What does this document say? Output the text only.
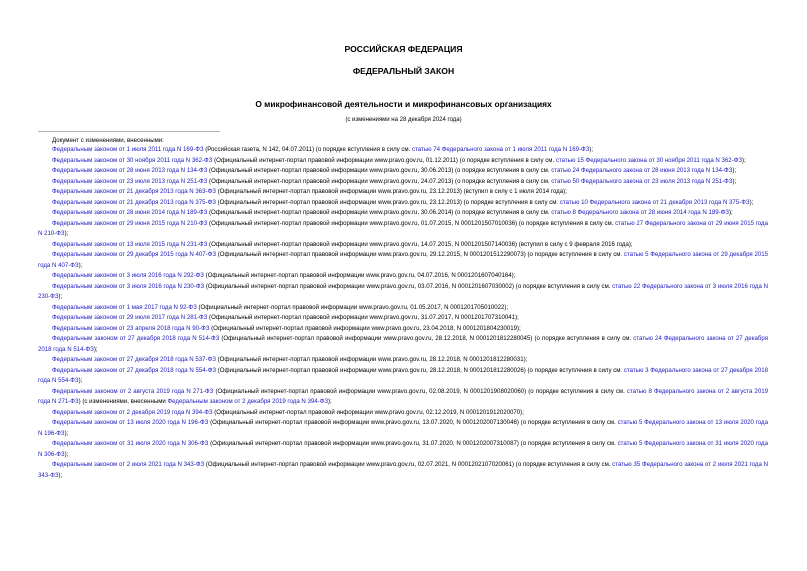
РОССИЙСКАЯ ФЕДЕРАЦИЯ
ФЕДЕРАЛЬНЫЙ ЗАКОН
О микрофинансовой деятельности и микрофинансовых организациях
(с изменениями на 28 декабря 2024 года)
Документ с изменениями, внесенными:

Федеральным законом от 1 июля 2011 года N 169-ФЗ (Российская газета, N 142, 04.07.2011) (о порядке вступления в силу см. статью 74 Федерального закона от 1 июля 2011 года N 169-ФЗ);

Федеральным законом от 30 ноября 2011 года N 362-ФЗ (Официальный интернет-портал правовой информации www.pravo.gov.ru, 01.12.2011) (о порядке вступления в силу см. статью 15 Федерального закона от 30 ноября 2011 года N 362-ФЗ);

Федеральным законом от 28 июня 2013 года N 134-ФЗ (Официальный интернет-портал правовой информации www.pravo.gov.ru, 30.06.2013) (о порядке вступления в силу см. статью 24 Федерального закона от 28 июня 2013 года N 134-ФЗ);

Федеральным законом от 23 июля 2013 года N 251-ФЗ (Официальный интернет-портал правовой информации www.pravo.gov.ru, 24.07.2013) (о порядке вступления в силу см. статью 50 Федерального закона от 23 июля 2013 года N 251-ФЗ);

Федеральным законом от 21 декабря 2013 года N 363-ФЗ (Официальный интернет-портал правовой информации www.pravo.gov.ru, 23.12.2013) (вступил в силу с 1 июля 2014 года);

Федеральным законом от 21 декабря 2013 года N 375-ФЗ (Официальный интернет-портал правовой информации www.pravo.gov.ru, 23.12.2013) (о порядке вступления в силу см. статью 10 Федерального закона от 21 декабря 2013 года N 375-ФЗ);

Федеральным законом от 28 июня 2014 года N 189-ФЗ (Официальный интернет-портал правовой информации www.pravo.gov.ru, 30.06.2014) (о порядке вступления в силу см. статью 8 Федерального закона от 28 июня 2014 года N 189-ФЗ);

Федеральным законом от 29 июня 2015 года N 210-ФЗ (Официальный интернет-портал правовой информации www.pravo.gov.ru, 01.07.2015, N 0001201507010036) (о порядке вступления в силу см. статью 27 Федерального закона от 29 июня 2015 года N 210-ФЗ);

Федеральным законом от 13 июля 2015 года N 231-ФЗ (Официальный интернет-портал правовой информации www.pravo.gov.ru, 14.07.2015, N 0001201507140036) (вступил в силу с 9 февраля 2016 года);

Федеральным законом от 29 декабря 2015 года N 407-ФЗ (Официальный интернет-портал правовой информации www.pravo.gov.ru, 29.12.2015, N 0001201512290073) (о порядке вступления в силу см. статью 5 Федерального закона от 29 декабря 2015 года N 407-ФЗ);

Федеральным законом от 3 июля 2016 года N 292-ФЗ (Официальный интернет-портал правовой информации www.pravo.gov.ru, 04.07.2016, N 0001201607040164);

Федеральным законом от 3 июля 2016 года N 230-ФЗ (Официальный интернет-портал правовой информации www.pravo.gov.ru, 03.07.2016, N 0001201607030002) (о порядке вступления в силу см. статью 22 Федерального закона от 3 июля 2016 года N 230-ФЗ);

Федеральным законом от 1 мая 2017 года N 92-ФЗ (Официальный интернет-портал правовой информации www.pravo.gov.ru, 01.05.2017, N 0001201705010022);

Федеральным законом от 29 июля 2017 года N 281-ФЗ (Официальный интернет-портал правовой информации www.pravo.gov.ru, 31.07.2017, N 0001201707310041);

Федеральным законом от 23 апреля 2018 года N 90-ФЗ (Официальный интернет-портал правовой информации www.pravo.gov.ru, 23.04.2018, N 0001201804230019);

Федеральным законом от 27 декабря 2018 года N 514-ФЗ (Официальный интернет-портал правовой информации www.pravo.gov.ru, 28.12.2018, N 0001201812280045) (о порядке вступления в силу см. статью 24 Федерального закона от 27 декабря 2018 года N 514-ФЗ);

Федеральным законом от 27 декабря 2018 года N 537-ФЗ (Официальный интернет-портал правовой информации www.pravo.gov.ru, 28.12.2018, N 0001201812280031);

Федеральным законом от 27 декабря 2018 года N 554-ФЗ (Официальный интернет-портал правовой информации www.pravo.gov.ru, 28.12.2018, N 0001201812280026) (о порядке вступления в силу см. статью 3 Федерального закона от 27 декабря 2018 года N 554-ФЗ);

Федеральным законом от 2 августа 2019 года N 271-ФЗ (Официальный интернет-портал правовой информации www.pravo.gov.ru, 02.08.2019, N 0001201908020060) (о порядке вступления в силу см. статью 8 Федерального закона от 2 августа 2019 года N 271-ФЗ) (с изменениями, внесенными Федеральным законом от 2 декабря 2019 года N 394-ФЗ);

Федеральным законом от 2 декабря 2019 года N 394-ФЗ (Официальный интернет-портал правовой информации www.pravo.gov.ru, 02.12.2019, N 0001201912020070);

Федеральным законом от 13 июля 2020 года N 196-ФЗ (Официальный интернет-портал правовой информации www.pravo.gov.ru, 13.07.2020, N 0001202007130046) (о порядке вступления в силу см. статью 5 Федерального закона от 13 июля 2020 года N 196-ФЗ);

Федеральным законом от 31 июля 2020 года N 306-ФЗ (Официальный интернет-портал правовой информации www.pravo.gov.ru, 31.07.2020, N 0001202007310087) (о порядке вступления в силу см. статью 5 Федерального закона от 31 июля 2020 года N 306-ФЗ);

Федеральным законом от 2 июля 2021 года N 343-ФЗ (Официальный интернет-портал правовой информации www.pravo.gov.ru, 02.07.2021, N 0001202107020061) (о порядке вступления в силу см. статью 35 Федерального закона от 2 июля 2021 года N 343-ФЗ);
